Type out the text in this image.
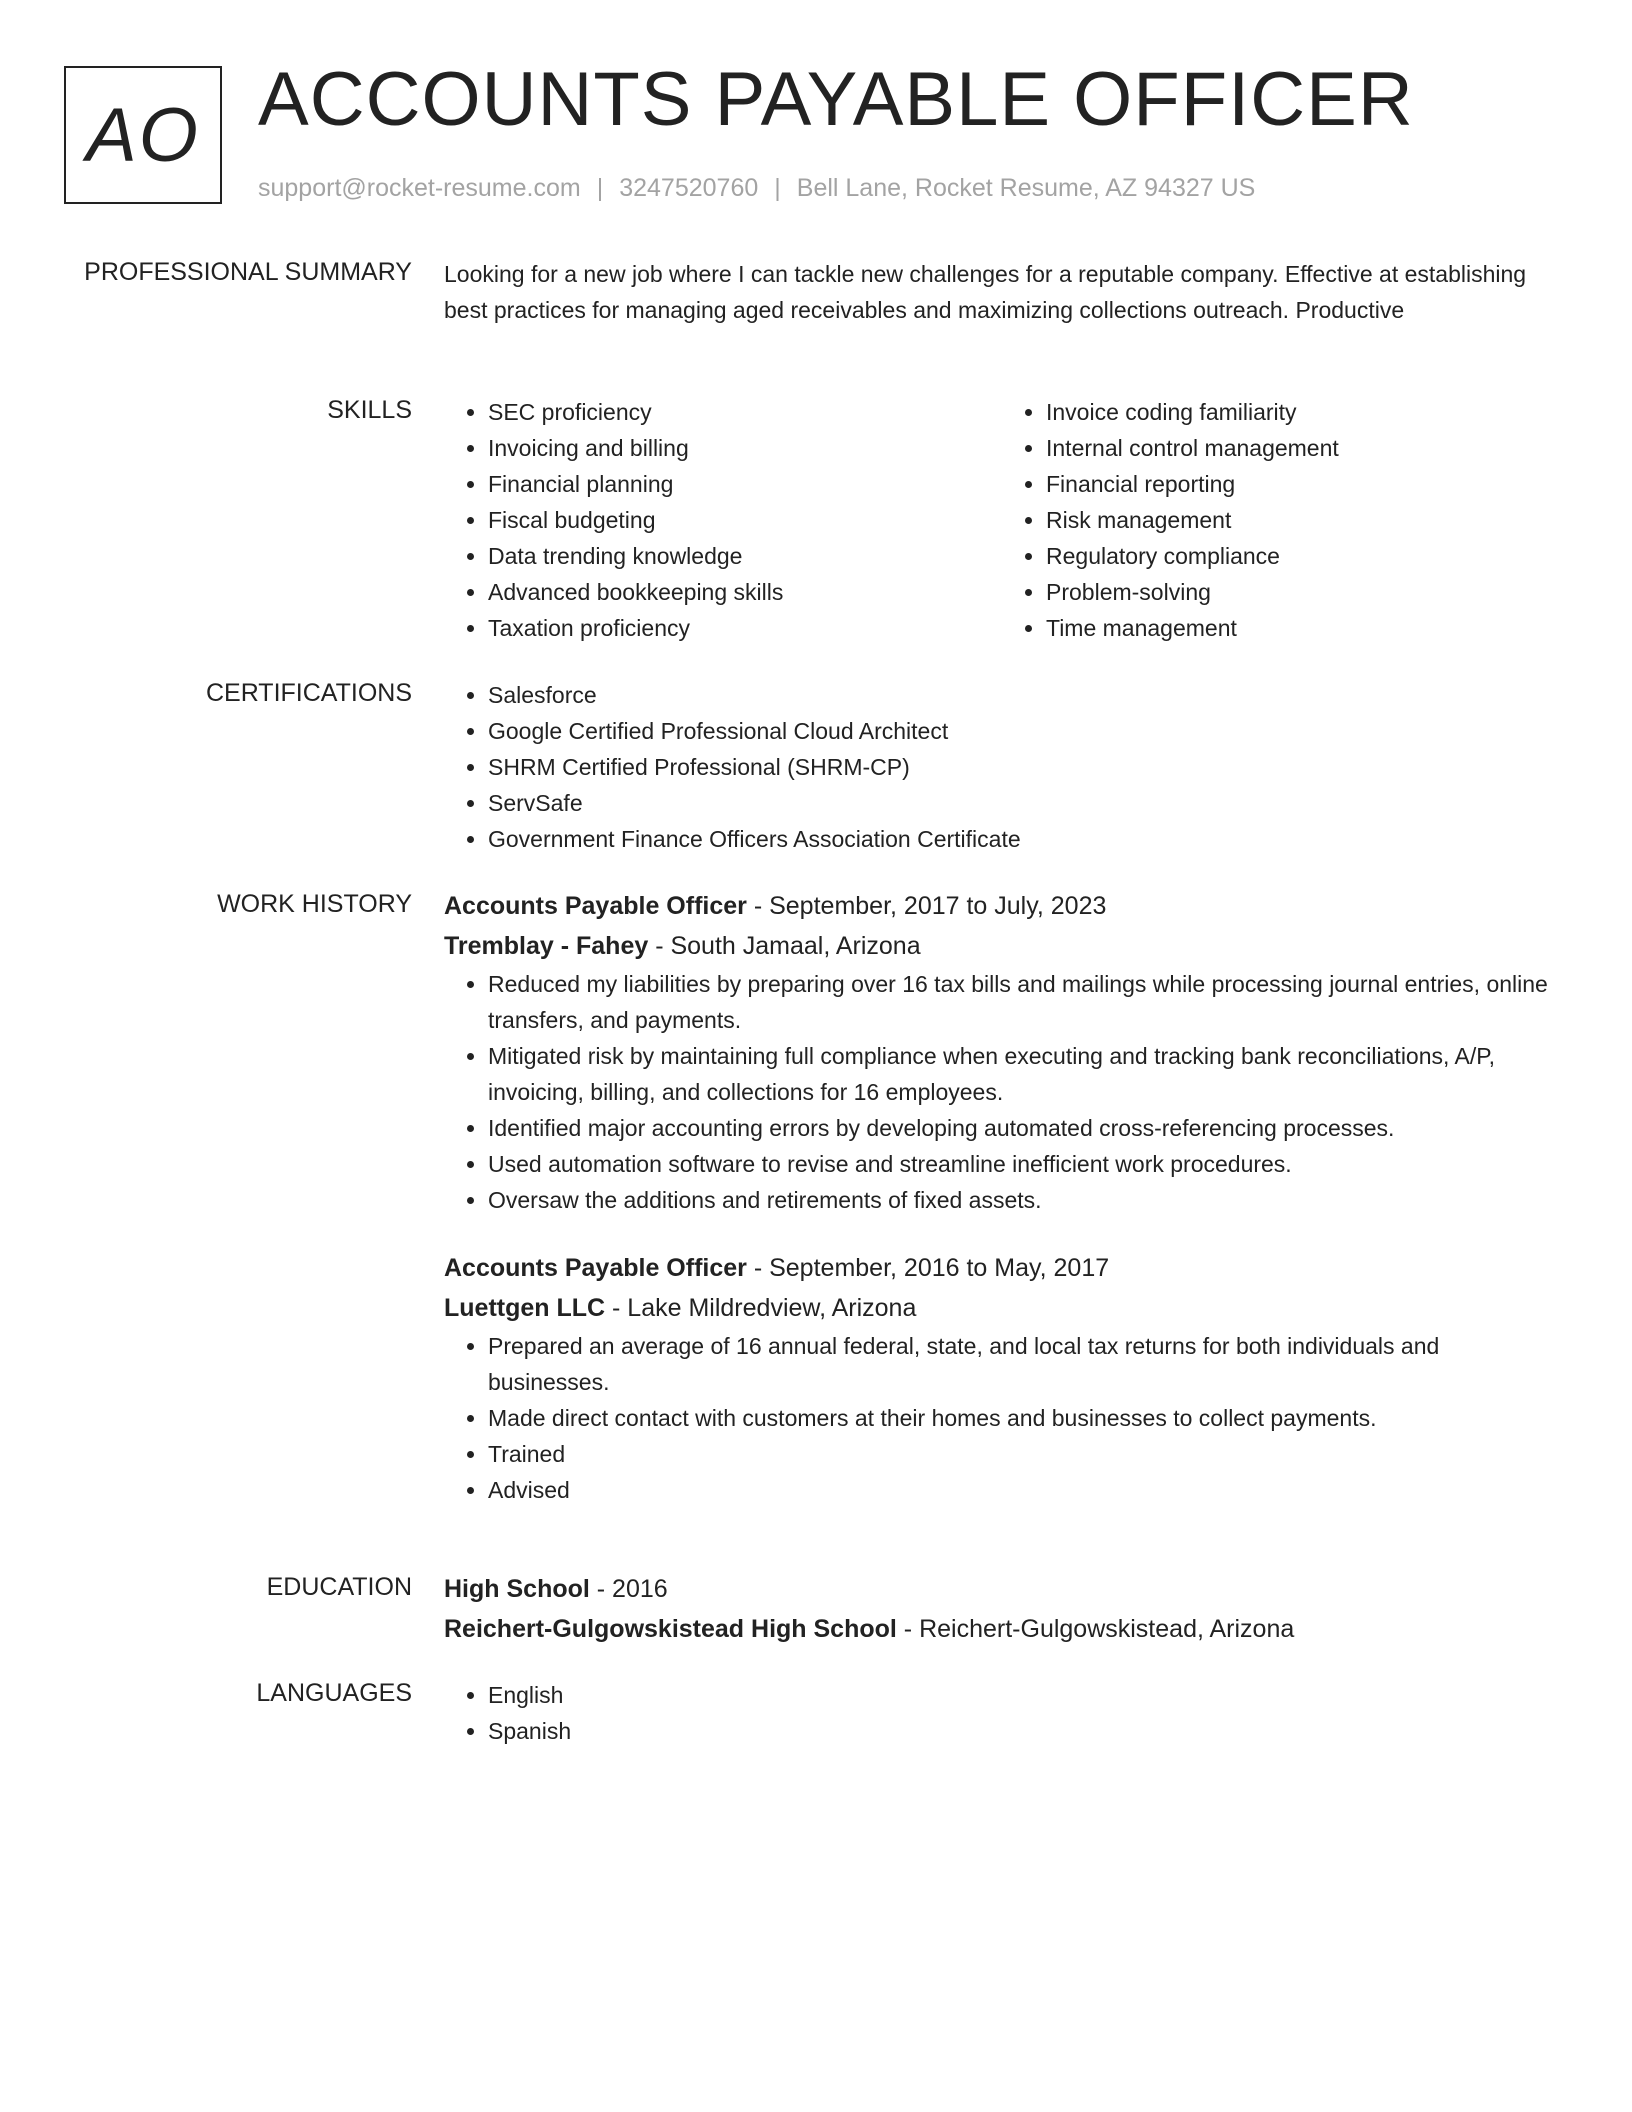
AO ACCOUNTS PAYABLE OFFICER
support@rocket-resume.com | 3247520760 | Bell Lane, Rocket Resume, AZ 94327 US
PROFESSIONAL SUMMARY Looking for a new job where I can tackle new challenges for a reputable company. Effective at establishing best practices for managing aged receivables and maximizing collections outreach. Productive

SKILLS	• SEC proficiency
• Invoicing and billing
• Financial planning
• Fiscal budgeting
• Data trending knowledge
• Advanced bookkeeping skills
• Taxation proficiency
• Invoice coding familiarity
• Internal control management
• Financial reporting
• Risk management
• Regulatory compliance
• Problem-solving
• Time management
CERTIFICATIONS	• Salesforce
• Google Certified Professional Cloud Architect
• SHRM Certified Professional (SHRM-CP)
• ServSafe
• Government Finance Officers Association Certificate
WORK HISTORY Accounts Payable Officer - September, 2017 to July, 2023
Tremblay - Fahey - South Jamaal, Arizona
• Reduced my liabilities by preparing over 16 tax bills and mailings while processing journal entries, online transfers, and payments.
• Mitigated risk by maintaining full compliance when executing and tracking bank reconciliations, A/P, invoicing, billing, and collections for 16 employees.
• Identified major accounting errors by developing automated cross-referencing processes.
• Used automation software to revise and streamline inefficient work procedures.
• Oversaw the additions and retirements of fixed assets.
Accounts Payable Officer - September, 2016 to May, 2017
Luettgen LLC - Lake Mildredview, Arizona
• Prepared an average of 16 annual federal, state, and local tax returns for both individuals and businesses.
• Made direct contact with customers at their homes and businesses to collect payments.
• Trained
• Advised
EDUCATION High School - 2016
Reichert-Gulgowskistead High School - Reichert-Gulgowskistead, Arizona
LANGUAGES	• English
• Spanish
